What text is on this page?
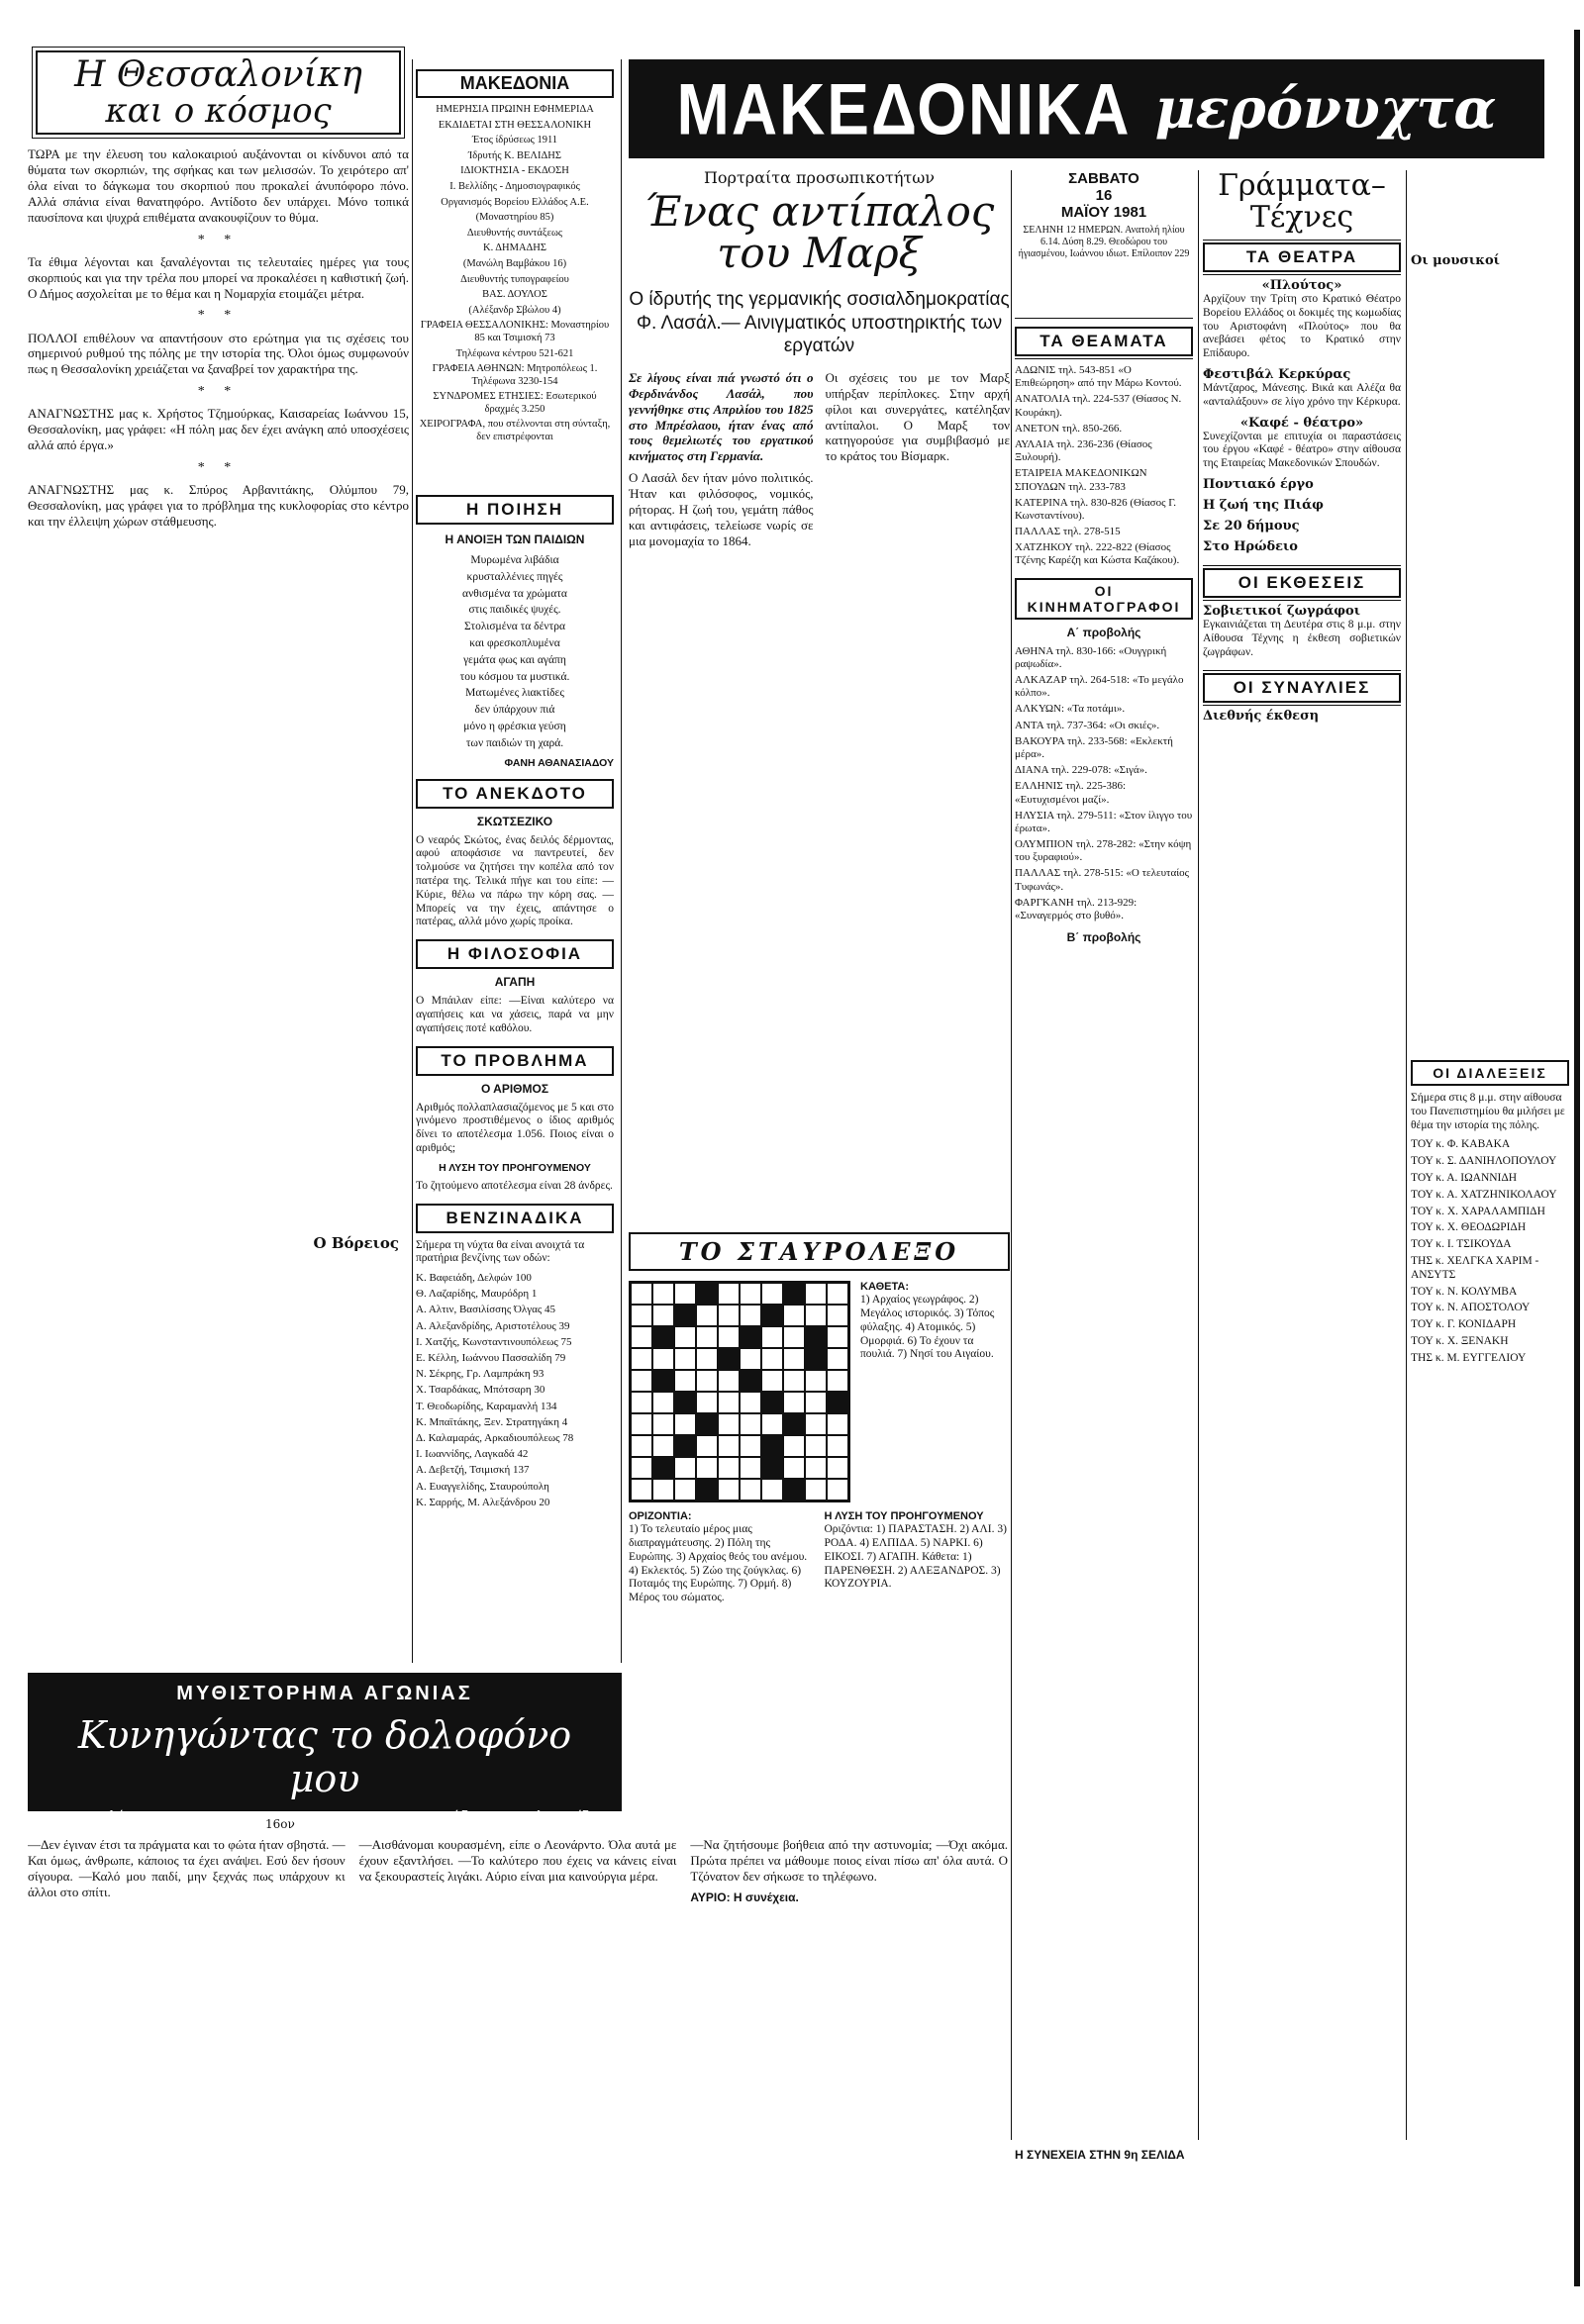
Η Θεσσαλονίκη
και ο κόσμος

ΤΩΡΑ με την έλευση του καλοκαιριού αυξάνονται οι κίνδυνοι από τα θύματα των σκορπιών, της σφήκας και των μελισσών. Το χειρότερο απ' όλα είναι το δάγκωμα του σκορπιού που προκαλεί άνυπόφορο πόνο. Αλλά σπάνια είναι θανατηφόρο. Αντίδοτο δεν υπάρχει. Μόνο τοπικά παυσίπονα και ψυχρά επιθέματα ανακουφίζουν το θύμα.

* *

Τα έθιμα λέγονται και ξαναλέγονται τις τελευταίες ημέρες για τους σκορπιούς και για την τρέλα που μπορεί να προκαλέσει η καθιστική ζωή. Ο Δήμος ασχολείται με το θέμα και η Νομαρχία ετοιμάζει μέτρα.

* *

ΠΟΛΛΟΙ επιθέλουν να απαντήσουν στο ερώτημα για τις σχέσεις του σημερινού ρυθμού της πόλης με την ιστορία της. Όλοι όμως συμφωνούν πως η Θεσσαλονίκη χρειάζεται να ξαναβρεί τον χαρακτήρα της.

* *

ΑΝΑΓΝΩΣΤΗΣ μας κ. Χρήστος Τζημούρκας, Καισαρείας Ιωάννου 15, Θεσσαλονίκη, μας γράφει: «Η πόλη μας δεν έχει ανάγκη από υποσχέσεις αλλά από έργα.»

* *

ΑΝΑΓΝΩΣΤΗΣ μας κ. Σπύρος Αρβανιτάκης, Ολύμπου 79, Θεσσαλονίκη, μας γράφει για το πρόβλημα της κυκλοφορίας στο κέντρο και την έλλειψη χώρων στάθμευσης.

Ο Βόρειος
ΜΑΚΕΔΟΝΙΑ
ΗΜΕΡΗΣΙΑ ΠΡΩΙΝΗ ΕΦΗΜΕΡΙΔΑ
ΕΚΔΙΔΕΤΑΙ ΣΤΗ ΘΕΣΣΑΛΟΝΙΚΗ
Έτος ίδρύσεως 1911
Ίδρυτής Κ. ΒΕΛΙΔΗΣ
ΙΔΙΟΚΤΗΣΙΑ - ΕΚΔΟΣΗ
Ι. Βελλίδης - Δημοσιογραφικός
Οργανισμός Βορείου Ελλάδος Α.Ε.
(Μοναστηρίου 85)
Διευθυντής συντάξεως
Κ. ΔΗΜΑΔΗΣ
(Μανώλη Βαμβάκου 16)
Διευθυντής τυπογραφείου
ΒΑΣ. ΔΟΥΛΟΣ
(Αλέξανδρ Σβώλου 4)
ΓΡΑΦΕΙΑ ΘΕΣΣΑΛΟΝΙΚΗΣ: Μοναστηρίου 85 και Τσιμισκή 73
Τηλέφωνα κέντρου 521-621
ΓΡΑΦΕΙΑ ΑΘΗΝΩΝ: Μητροπόλεως 1. Τηλέφωνα 3230-154
ΣΥΝΔΡΟΜΕΣ ΕΤΗΣΙΕΣ: Εσωτερικού δραχμές 3.250
ΧΕΙΡΟΓΡΑΦΑ, που στέλνονται στη σύνταξη, δεν επιστρέφονται
ΜΑΚΕΔΟΝΙΚΑ μερόνυχτα
Πορτραίτα προσωπικοτήτων
Ένας αντίπαλος του Μαρξ
Ο ίδρυτής της γερμανικής σοσιαλδημοκρατίας Φ. Λασάλ.— Αινιγματικός υποστηρικτής των εργατών

Σε λίγους είναι πιά γνωστό ότι ο Φερδινάνδος Λασάλ, που γεννήθηκε στις Απριλίου του 1825 στο Μπρέσλαου, ήταν ένας από τους θεμελιωτές του εργατικού κινήματος στη Γερμανία.

Ο Λασάλ δεν ήταν μόνο πολιτικός. Ήταν και φιλόσοφος, νομικός, ρήτορας. Η ζωή του, γεμάτη πάθος και αντιφάσεις, τελείωσε νωρίς σε μια μονομαχία το 1864.

Οι σχέσεις του με τον Μαρξ υπήρξαν περίπλοκες. Στην αρχή φίλοι και συνεργάτες, κατέληξαν αντίπαλοι. Ο Μαρξ τον κατηγορούσε για συμβιβασμό με το κράτος του Βίσμαρκ.

Η ΠΟΙΗΣΗ
Η ΑΝΟΙΞΗ ΤΩΝ ΠΑΙΔΙΩΝ
Μυρωμένα λιβάδια
κρυσταλλένιες πηγές
ανθισμένα τα χρώματα
στις παιδικές ψυχές.
Στολισμένα τα δέντρα
και φρεσκοπλυμένα
γεμάτα φως και αγάπη
του κόσμου τα μυστικά.
Ματωμένες λιακτίδες
δεν ύπάρχουν πιά
μόνο η φρέσκια γεύση
των παιδιών τη χαρά.
ΦΑΝΗ ΑΘΑΝΑΣΙΑΔΟΥ
ΤΟ ΑΝΕΚΔΟΤΟ
ΣΚΩΤΣΕΖΙΚΟ
Ο νεαρός Σκώτος, ένας δειλός δέρμοντας, αφού αποφάσισε να παντρευτεί, δεν τολμούσε να ζητήσει την κοπέλα από τον πατέρα της. Τελικά πήγε και του είπε: — Κύριε, θέλω να πάρω την κόρη σας. — Μπορείς να την έχεις, απάντησε ο πατέρας, αλλά μόνο χωρίς προίκα.
Η ΦΙΛΟΣΟΦΙΑ
ΑΓΑΠΗ
Ο Μπάιλαν είπε: —Είναι καλύτερο να αγαπήσεις και να χάσεις, παρά να μην αγαπήσεις ποτέ καθόλου.
ΤΟ ΠΡΟΒΛΗΜΑ
Ο ΑΡΙΘΜΟΣ
Αριθμός πολλαπλασιαζόμενος με 5 και στο γινόμενο προστιθέμενος ο ίδιος αριθμός δίνει το αποτέλεσμα 1.056. Ποιος είναι ο αριθμός;
Η ΛΥΣΗ ΤΟΥ ΠΡΟΗΓΟΥΜΕΝΟΥ
Το ζητούμενο αποτέλεσμα είναι 28 άνδρες.
ΒΕΝΖΙΝΑΔΙΚΑ
Σήμερα τη νύχτα θα είναι ανοιχτά τα πρατήρια βενζίνης των οδών:
Κ. Βαφειάδη, Δελφών 100
Θ. Λαζαρίδης, Μαυρόδρη 1
Α. Αλτιν, Βασιλίσσης Όλγας 45
Α. Αλεξανδρίδης, Αριστοτέλους 39
Ι. Χατζής, Κωνσταντινουπόλεως 75
Ε. Κέλλη, Ιωάννου Πασσαλίδη 79
Ν. Σέκρης, Γρ. Λαμπράκη 93
Χ. Τσαρδάκας, Μπότσαρη 30
Τ. Θεοδωρίδης, Καραμανλή 134
Κ. Μπαϊτάκης, Ξεν. Στρατηγάκη 4
Δ. Καλαμαράς, Αρκαδιουπόλεως 78
Ι. Ιωαννίδης, Λαγκαδά 42
Α. Δεβετζή, Τσιμισκή 137
Α. Ευαγγελίδης, Σταυρούπολη
Κ. Σαρρής, Μ. Αλεξάνδρου 20
ΤΟ ΣΤΑΥΡΟΛΕΞΟ
ΚΑΘΕΤΑ:
1) Αρχαίος γεωγράφος. 2) Μεγάλος ιστορικός. 3) Τόπος φύλαξης. 4) Ατομικός. 5) Ομορφιά. 6) Το έχουν τα πουλιά. 7) Νησί του Αιγαίου.
ΟΡΙΖΟΝΤΙΑ:
1) Το τελευταίο μέρος μιας διαπραγμάτευσης. 2) Πόλη της Ευρώπης. 3) Αρχαίος θεός του ανέμου. 4) Εκλεκτός. 5) Ζώο της ζούγκλας. 6) Ποταμός της Ευρώπης. 7) Ορμή. 8) Μέρος του σώματος.
Η ΛΥΣΗ ΤΟΥ ΠΡΟΗΓΟΥΜΕΝΟΥ
Οριζόντια: 1) ΠΑΡΑΣΤΑΣΗ. 2) ΑΛΙ. 3) ΡΟΔΑ. 4) ΕΛΠΙΔΑ. 5) ΝΑΡΚΙ. 6) ΕΙΚΟΣΙ. 7) ΑΓΑΠΗ. Κάθετα: 1) ΠΑΡΕΝΘΕΣΗ. 2) ΑΛΕΞΑΝΔΡΟΣ. 3) ΚΟΥΖΟΥΡΙΑ.
ΣΑΒΒΑΤΟ
16
ΜΑΪΟΥ 1981
ΣΕΛΗΝΗ 12 ΗΜΕΡΩΝ. Ανατολή ηλίου 6.14. Δύση 8.29. Θεοδώρου του ήγιασμένου, Ιωάννου ιδιωτ. Επίλοιπον 229
ΤΑ ΘΕΑΜΑΤΑ
ΑΔΩΝΙΣ τηλ. 543-851 «Ο Επιθεώρηση» από την Μάρω Κοντού.
ΑΝΑΤΟΛΙΑ τηλ. 224-537 (Θίασος Ν. Κουράκη).
ΑΝΕΤΟΝ τηλ. 850-266.
ΑΥΛΑΙΑ τηλ. 236-236 (Θίασος Ξυλουρή).
ΕΤΑΙΡΕΙΑ ΜΑΚΕΔΟΝΙΚΩΝ ΣΠΟΥΔΩΝ τηλ. 233-783
ΚΑΤΕΡΙΝΑ τηλ. 830-826 (Θίασος Γ. Κωνσταντίνου).
ΠΑΛΛΑΣ τηλ. 278-515
ΧΑΤΖΗΚΟΥ τηλ. 222-822 (Θίασος Τζένης Καρέζη και Κώστα Καζάκου).
ΟΙ ΚΙΝΗΜΑΤΟΓΡΑΦΟΙ
Α΄ προβολής
ΑΘΗΝΑ τηλ. 830-166: «Ουγγρική ραψωδία».
ΑΛΚΑΖΑΡ τηλ. 264-518: «Το μεγάλο κόλπο».
ΑΛΚΥΩΝ: «Τα ποτάμι».
ΑΝΤΑ τηλ. 737-364: «Οι σκιές».
ΒΑΚΟΥΡΑ τηλ. 233-568: «Εκλεκτή μέρα».
ΔΙΑΝΑ τηλ. 229-078: «Σιγά».
ΕΛΛΗΝΙΣ τηλ. 225-386: «Ευτυχισμένοι μαζί».
ΗΛΥΣΙΑ τηλ. 279-511: «Στον ίλιγγο του έρωτα».
ΟΛΥΜΠΙΟΝ τηλ. 278-282: «Στην κόψη του ξυραφιού».
ΠΑΛΛΑΣ τηλ. 278-515: «Ο τελευταίος Τυφωνάς».
ΦΑΡΓΚΑΝΗ τηλ. 213-929: «Συναγερμός στο βυθό».
Β΄ προβολής
Γράμματα–Τέχνες
ΤΑ ΘΕΑΤΡΑ
«Πλούτος»
Αρχίζουν την Τρίτη στο Κρατικό Θέατρο Βορείου Ελλάδος οι δοκιμές της κωμωδίας του Αριστοφάνη «Πλούτος» που θα ανεβάσει φέτος το Κρατικό στην Επίδαυρο.
Φεστιβάλ Κερκύρας
Μάντζαρος, Μάνεσης. Βικά και Αλέζα θα «ανταλάξουν» σε λίγο χρόνο την Κέρκυρα.
«Καφέ - θέατρο»
Συνεχίζονται με επιτυχία οι παραστάσεις του έργου «Καφέ - θέατρο» στην αίθουσα της Εταιρείας Μακεδονικών Σπουδών.
Ποντιακό έργο
Η ζωή της Πιάφ
Σε 20 δήμους
Στο Ηρώδειο
ΟΙ ΕΚΘΕΣΕΙΣ
Σοβιετικοί ζωγράφοι
Εγκαινιάζεται τη Δευτέρα στις 8 μ.μ. στην Αίθουσα Τέχνης η έκθεση σοβιετικών ζωγράφων.
ΟΙ ΣΥΝΑΥΛΙΕΣ
Διεθνής έκθεση
Οι μουσικοί
ΟΙ ΔΙΑΛΕΞΕΙΣ
Σήμερα στις 8 μ.μ. στην αίθουσα του Πανεπιστημίου θα μιλήσει με θέμα την ιστορία της πόλης.
ΤΟΥ κ. Φ. ΚΑΒΑΚΑ
ΤΟΥ κ. Σ. ΔΑΝΙΗΛΟΠΟΥΛΟΥ
ΤΟΥ κ. Α. ΙΩΑΝΝΙΔΗ
ΤΟΥ κ. Α. ΧΑΤΖΗΝΙΚΟΛΑΟΥ
ΤΟΥ κ. Χ. ΧΑΡΑΛΑΜΠΙΔΗ
ΤΟΥ κ. Χ. ΘΕΟΔΩΡΙΔΗ
ΤΟΥ κ. Ι. ΤΣΙΚΟΥΔΑ
ΤΗΣ κ. ΧΕΛΓΚΑ ΧΑΡΙΜ - ΑΝΣΥΤΣ
ΤΟΥ κ. Ν. ΚΟΛΥΜΒΑ
ΤΟΥ κ. Ν. ΑΠΟΣΤΟΛΟΥ
ΤΟΥ κ. Γ. ΚΟΝΙΔΑΡΗ
ΤΟΥ κ. Χ. ΞΕΝΑΚΗ
ΤΗΣ κ. Μ. ΕΥΓΓΕΛΙΟΥ
ΜΥΘΙΣΤΟΡΗΜΑ ΑΓΩΝΙΑΣ
Κυνηγώντας το δολοφόνο μου
Της Σον Σλήντσουν	Απόδοση: Κ. Ζελομοσίδου
16ον
—Δεν έγιναν έτσι τα πράγματα και το φώτα ήταν σβηστά. —Και όμως, άνθρωπε, κάποιος τα έχει ανάψει. Εσύ δεν ήσουν σίγουρα. —Καλό μου παιδί, μην ξεχνάς πως υπάρχουν κι άλλοι στο σπίτι.
—Αισθάνομαι κουρασμένη, είπε ο Λεονάρντο. Όλα αυτά με έχουν εξαντλήσει. —Το καλύτερο που έχεις να κάνεις είναι να ξεκουραστείς λιγάκι. Αύριο είναι μια καινούργια μέρα.
—Να ζητήσουμε βοήθεια από την αστυνομία; —Όχι ακόμα. Πρώτα πρέπει να μάθουμε ποιος είναι πίσω απ' όλα αυτά. Ο Τζόνατον δεν σήκωσε το τηλέφωνο.
ΑΥΡΙΟ: Η συνέχεια.
Η ΣΥΝΕΧΕΙΑ ΣΤΗΝ 9η ΣΕΛΙΔΑ
